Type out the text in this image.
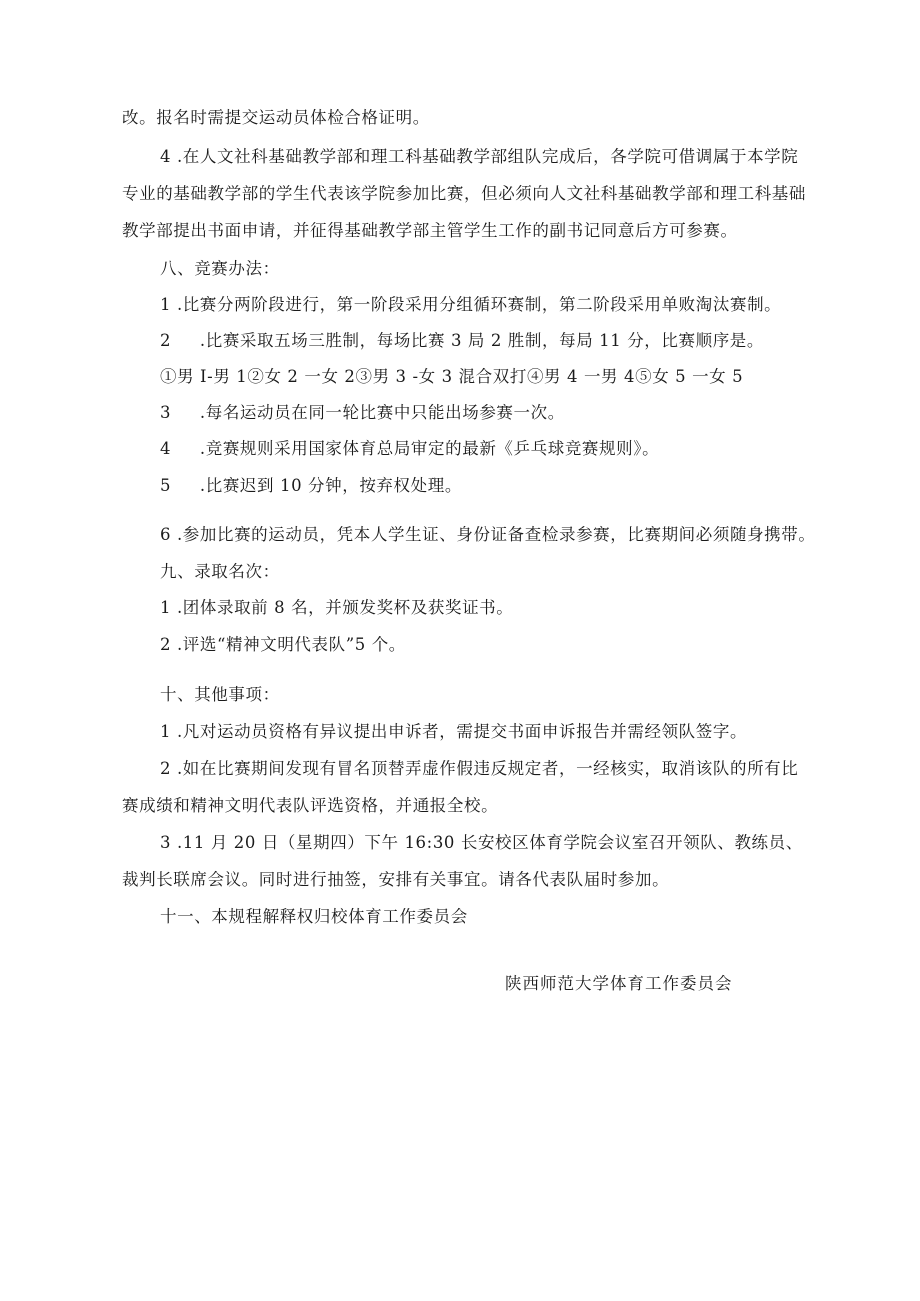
改。报名时需提交运动员体检合格证明。
4 .在人文社科基础教学部和理工科基础教学部组队完成后，各学院可借调属于本学院
专业的基础教学部的学生代表该学院参加比赛，但必须向人文社科基础教学部和理工科基础
教学部提出书面申请，并征得基础教学部主管学生工作的副书记同意后方可参赛。
八、竞赛办法：
1 .比赛分两阶段进行，第一阶段采用分组循环赛制，第二阶段采用单败淘汰赛制。
2 　 .比赛采取五场三胜制，每场比赛 3 局 2 胜制，每局 11 分，比赛顺序是。
①男 I-男 1②女 2 一女 2③男 3 -女 3 混合双打④男 4 一男 4⑤女 5 一女 5
3 　 .每名运动员在同一轮比赛中只能出场参赛一次。
4 　 .竞赛规则采用国家体育总局审定的最新《乒乓球竞赛规则》。
5 　 .比赛迟到 10 分钟，按弃权处理。
6 .参加比赛的运动员，凭本人学生证、身份证备查检录参赛，比赛期间必须随身携带。
九、录取名次：
1 .团体录取前 8 名，并颁发奖杯及获奖证书。
2 .评选“精神文明代表队”5 个。
十、其他事项：
1 .凡对运动员资格有异议提出申诉者，需提交书面申诉报告并需经领队签字。
2 .如在比赛期间发现有冒名顶替弄虚作假违反规定者，一经核实，取消该队的所有比
赛成绩和精神文明代表队评选资格，并通报全校。
3 .11 月 20 日（星期四）下午 16:30 长安校区体育学院会议室召开领队、教练员、
裁判长联席会议。同时进行抽签，安排有关事宜。请各代表队届时参加。
十一、本规程解释权归校体育工作委员会
陕西师范大学体育工作委员会
